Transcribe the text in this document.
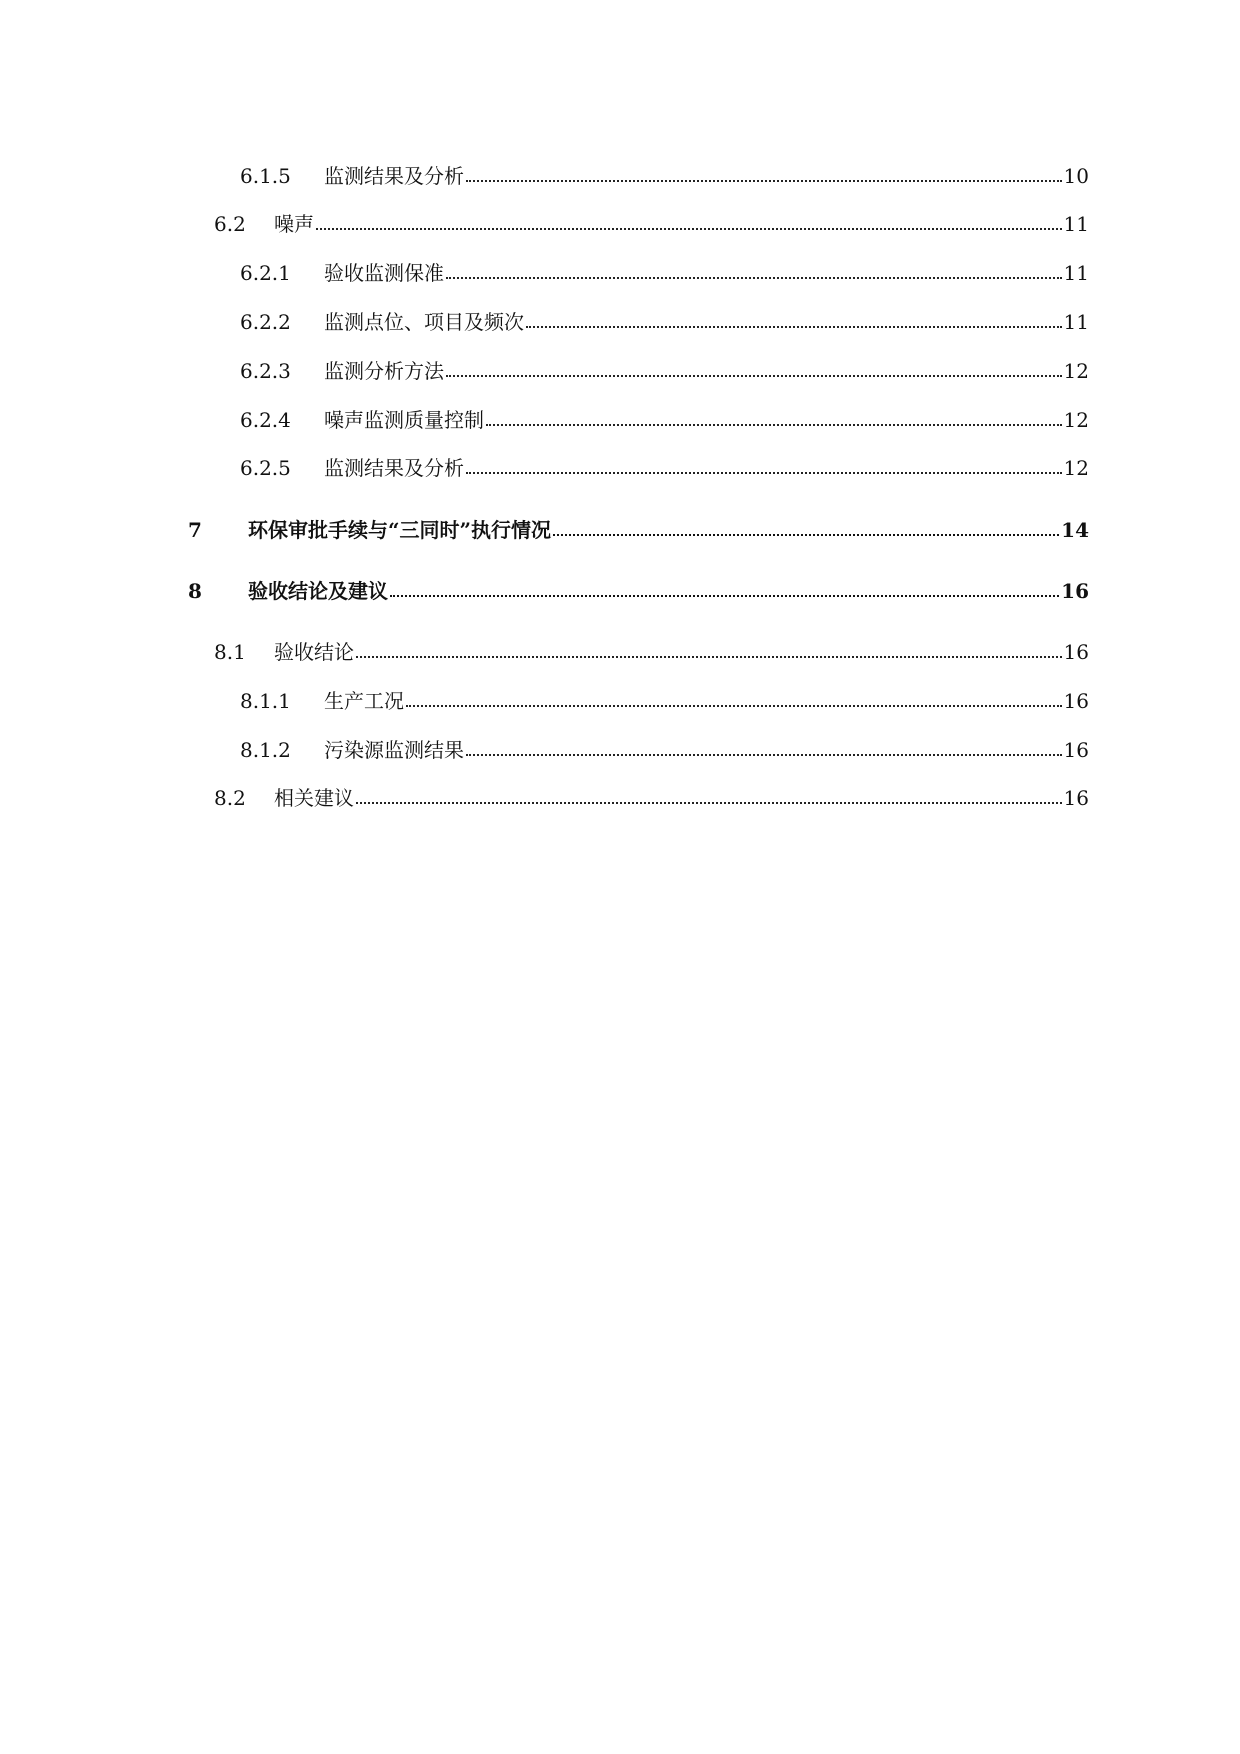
6.1.5	监测结果及分析	10
6.2	噪声	11
6.2.1	验收监测保准	11
6.2.2	监测点位、项目及频次	11
6.2.3	监测分析方法	12
6.2.4	噪声监测质量控制	12
6.2.5	监测结果及分析	12
7	环保审批手续与“三同时”执行情况	14
8	验收结论及建议	16
8.1	验收结论	16
8.1.1	生产工况	16
8.1.2	污染源监测结果	16
8.2	相关建议	16
